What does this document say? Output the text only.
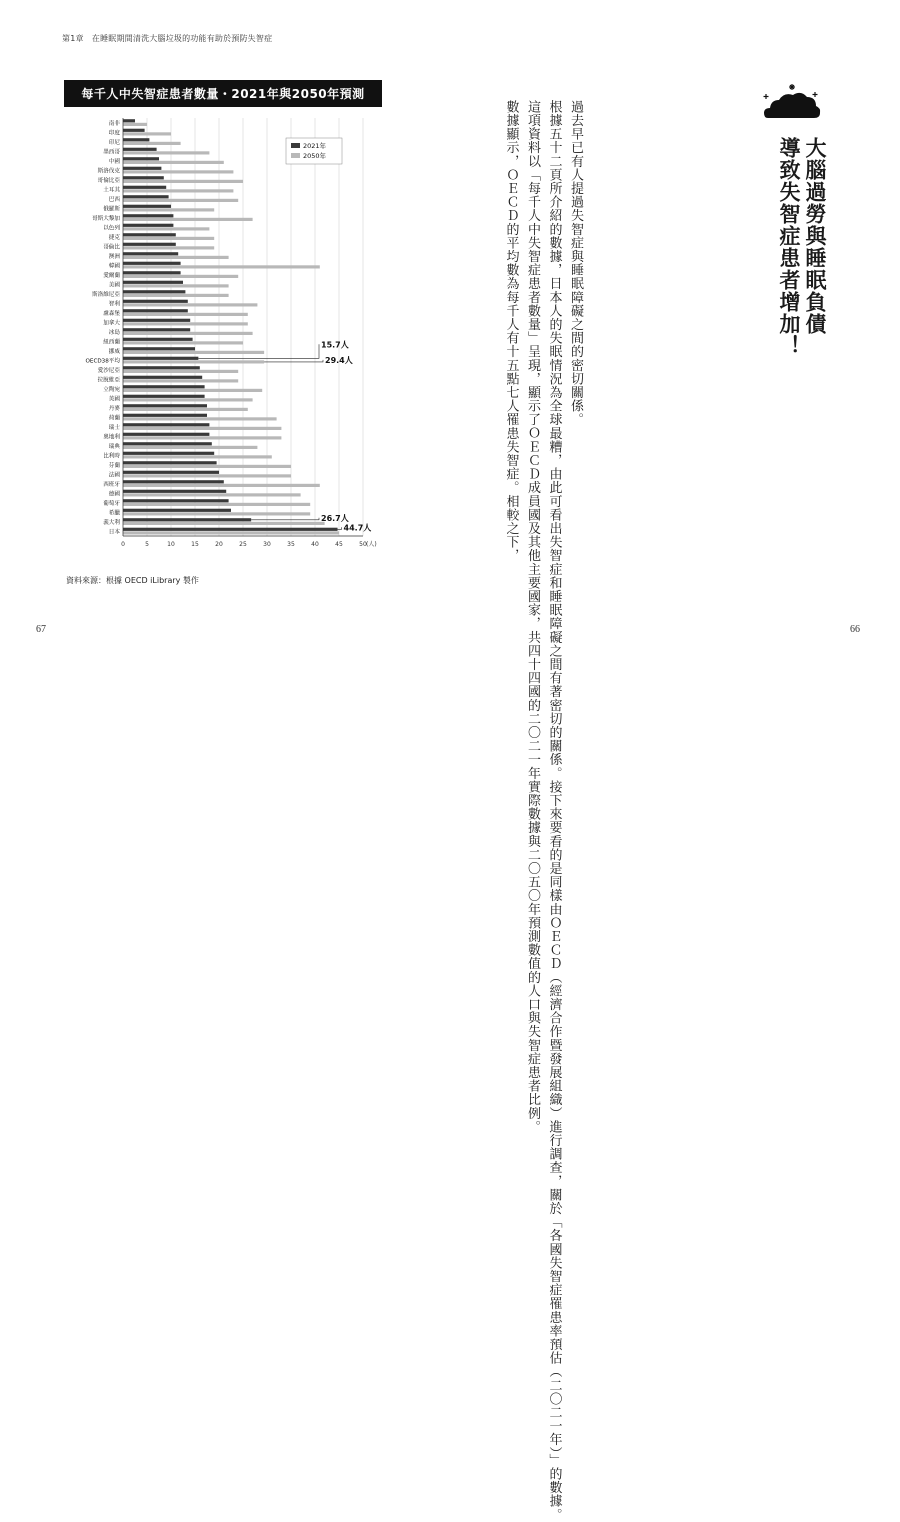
第1章　在睡眠期間清洗大腦垃圾的功能有助於預防失智症
每千人中失智症患者數量・2021年與2050年預測
南非
印度
印尼
墨西哥
中國
斯洛伐克
哥倫比亞
土耳其
巴西
俄羅斯
哥斯大黎加
以色列
捷克
哥倫比
澳洲
韓國
愛爾蘭
美國
斯洛維尼亞
智利
盧森堡
加拿大
冰島
紐西蘭
挪威
OECD38平均
愛沙尼亞
拉脫維亞
立陶宛
英國
丹麥
荷蘭
瑞士
奧地利
瑞典
比利時
芬蘭
法國
西班牙
德國
葡萄牙
希臘
義大利
日本
0	5	10	15	20	25	30	35	40	45	50 (人)
2021年
2050年
15.7人
29.4人
26.7人
44.7人
資料來源：根據 OECD iLibrary 製作
67	66
大腦過勞與睡眠負債
導致失智症患者增加！
過去早已有人提過失智症與睡眠障礙之間的密切關係。
根據五十二頁所介紹的數據，日本人的失眠情況為全球最糟，由此可看出失智症和睡眠障礙之間有著密切的關係。接下來要看的是同樣由ＯＥＣＤ（經濟合作暨發展組織）進行調查，關於「各國失智症罹患率預估（二〇二一年）」的數據。
這項資料以「每千人中失智症患者數量」呈現，顯示了ＯＥＣＤ成員國及其他主要國家，共四十四國的二〇二一年實際數據與二〇五〇年預測數值的人口與失智症患者比例。
數據顯示，ＯＥＣＤ的平均數為每千人有十五點七人罹患失智症。相較之下，
